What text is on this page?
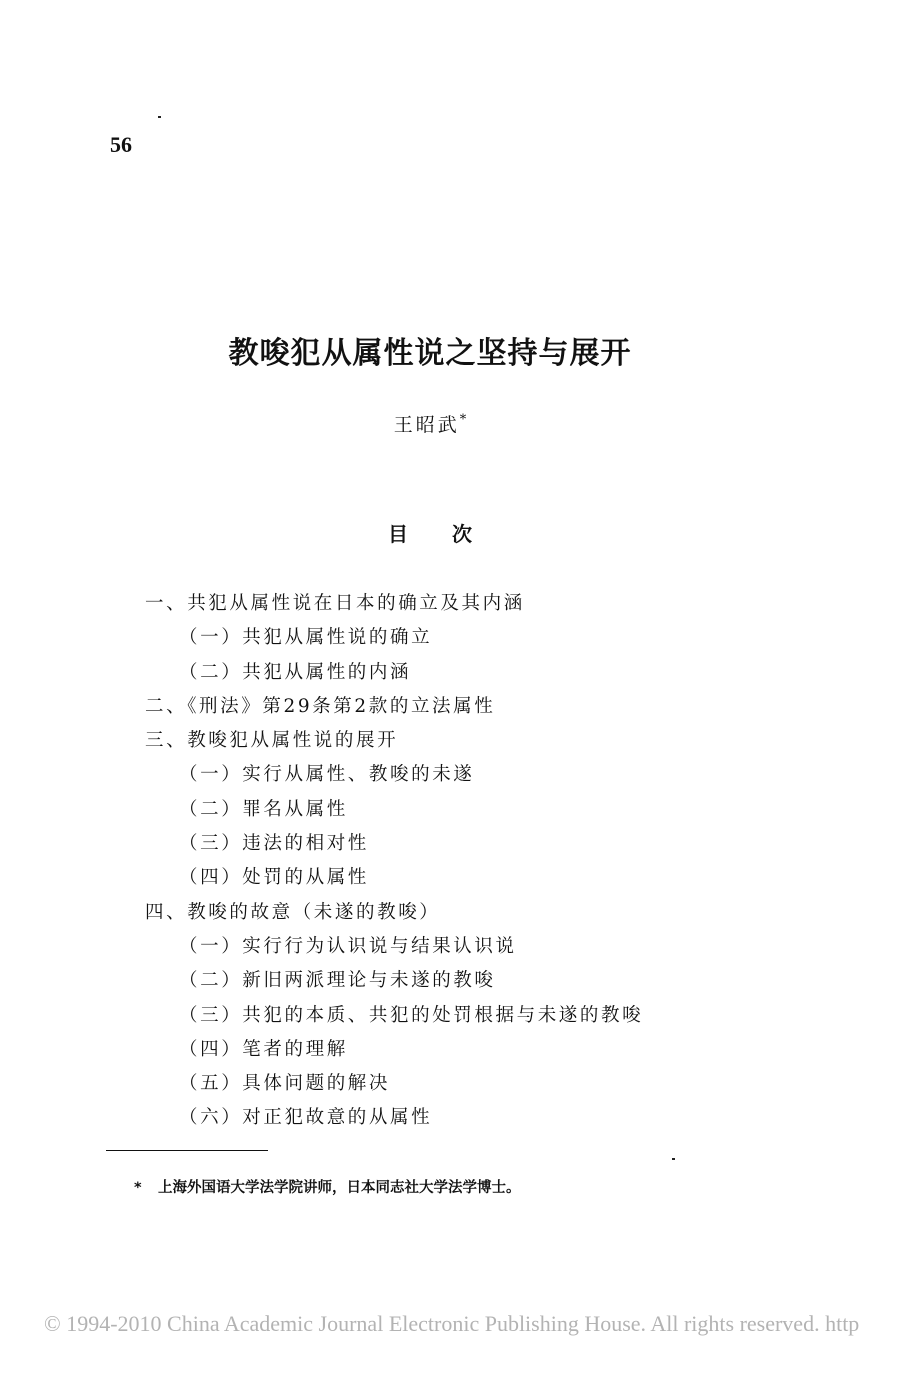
56

教唆犯从属性说之坚持与展开

王昭武*

目 次
一、共犯从属性说在日本的确立及其内涵
（一）共犯从属性说的确立
（二）共犯从属性的内涵
二、《刑法》第29条第2款的立法属性
三、教唆犯从属性说的展开
（一）实行从属性、教唆的未遂
（二）罪名从属性
（三）违法的相对性
（四）处罚的从属性
四、教唆的故意（未遂的教唆）
（一）实行行为认识说与结果认识说
（二）新旧两派理论与未遂的教唆
（三）共犯的本质、共犯的处罚根据与未遂的教唆
（四）笔者的理解
（五）具体问题的解决
（六）对正犯故意的从属性

* 上海外国语大学法学院讲师，日本同志社大学法学博士。

© 1994-2010 China Academic Journal Electronic Publishing House. All rights reserved. http
